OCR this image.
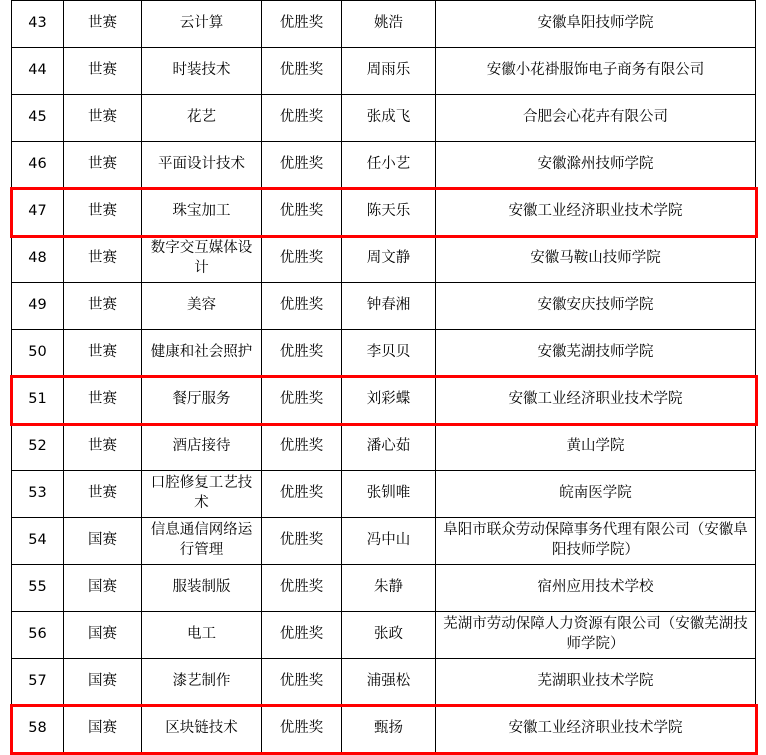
43	世赛	云计算	优胜奖	姚浩	安徽阜阳技师学院
44	世赛	时装技术	优胜奖	周雨乐	安徽小花褂服饰电子商务有限公司
45	世赛	花艺	优胜奖	张成飞	合肥会心花卉有限公司
46	世赛	平面设计技术	优胜奖	任小艺	安徽滁州技师学院
47	世赛	珠宝加工	优胜奖	陈天乐	安徽工业经济职业技术学院
48	世赛	数字交互媒体设计	优胜奖	周文静	安徽马鞍山技师学院
49	世赛	美容	优胜奖	钟春湘	安徽安庆技师学院
50	世赛	健康和社会照护	优胜奖	李贝贝	安徽芜湖技师学院
51	世赛	餐厅服务	优胜奖	刘彩蝶	安徽工业经济职业技术学院
52	世赛	酒店接待	优胜奖	潘心茹	黄山学院
53	世赛	口腔修复工艺技术	优胜奖	张钏唯	皖南医学院
54	国赛	信息通信网络运行管理	优胜奖	冯中山	阜阳市联众劳动保障事务代理有限公司（安徽阜阳技师学院）
55	国赛	服装制版	优胜奖	朱静	宿州应用技术学校
56	国赛	电工	优胜奖	张政	芜湖市劳动保障人力资源有限公司（安徽芜湖技师学院）
57	国赛	漆艺制作	优胜奖	浦强松	芜湖职业技术学院
58	国赛	区块链技术	优胜奖	甄扬	安徽工业经济职业技术学院
